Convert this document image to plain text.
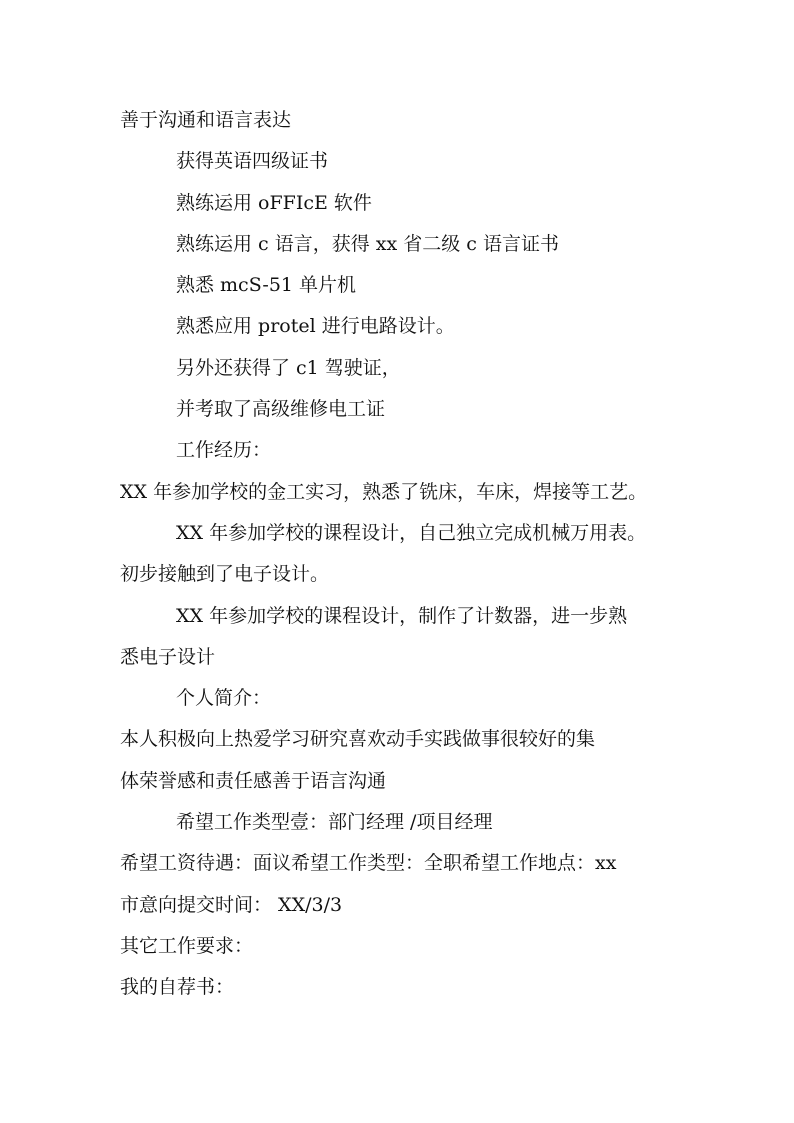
善于沟通和语言表达

获得英语四级证书

熟练运用 oFFIcE 软件

熟练运用 c 语言，获得 xx 省二级 c 语言证书

熟悉 mcS-51 单片机

熟悉应用 protel 进行电路设计。

另外还获得了 c1 驾驶证，

并考取了高级维修电工证

工作经历：

XX 年参加学校的金工实习，熟悉了铣床，车床，焊接等工艺。

XX 年参加学校的课程设计，自己独立完成机械万用表。

初步接触到了电子设计。

XX 年参加学校的课程设计，制作了计数器，进一步熟

悉电子设计

个人简介：

本人积极向上热爱学习研究喜欢动手实践做事很较好的集

体荣誉感和责任感善于语言沟通

希望工作类型壹：部门经理 /项目经理

希望工资待遇：面议希望工作类型：全职希望工作地点：xx

市意向提交时间： XX/3/3

其它工作要求：

我的自荐书：
